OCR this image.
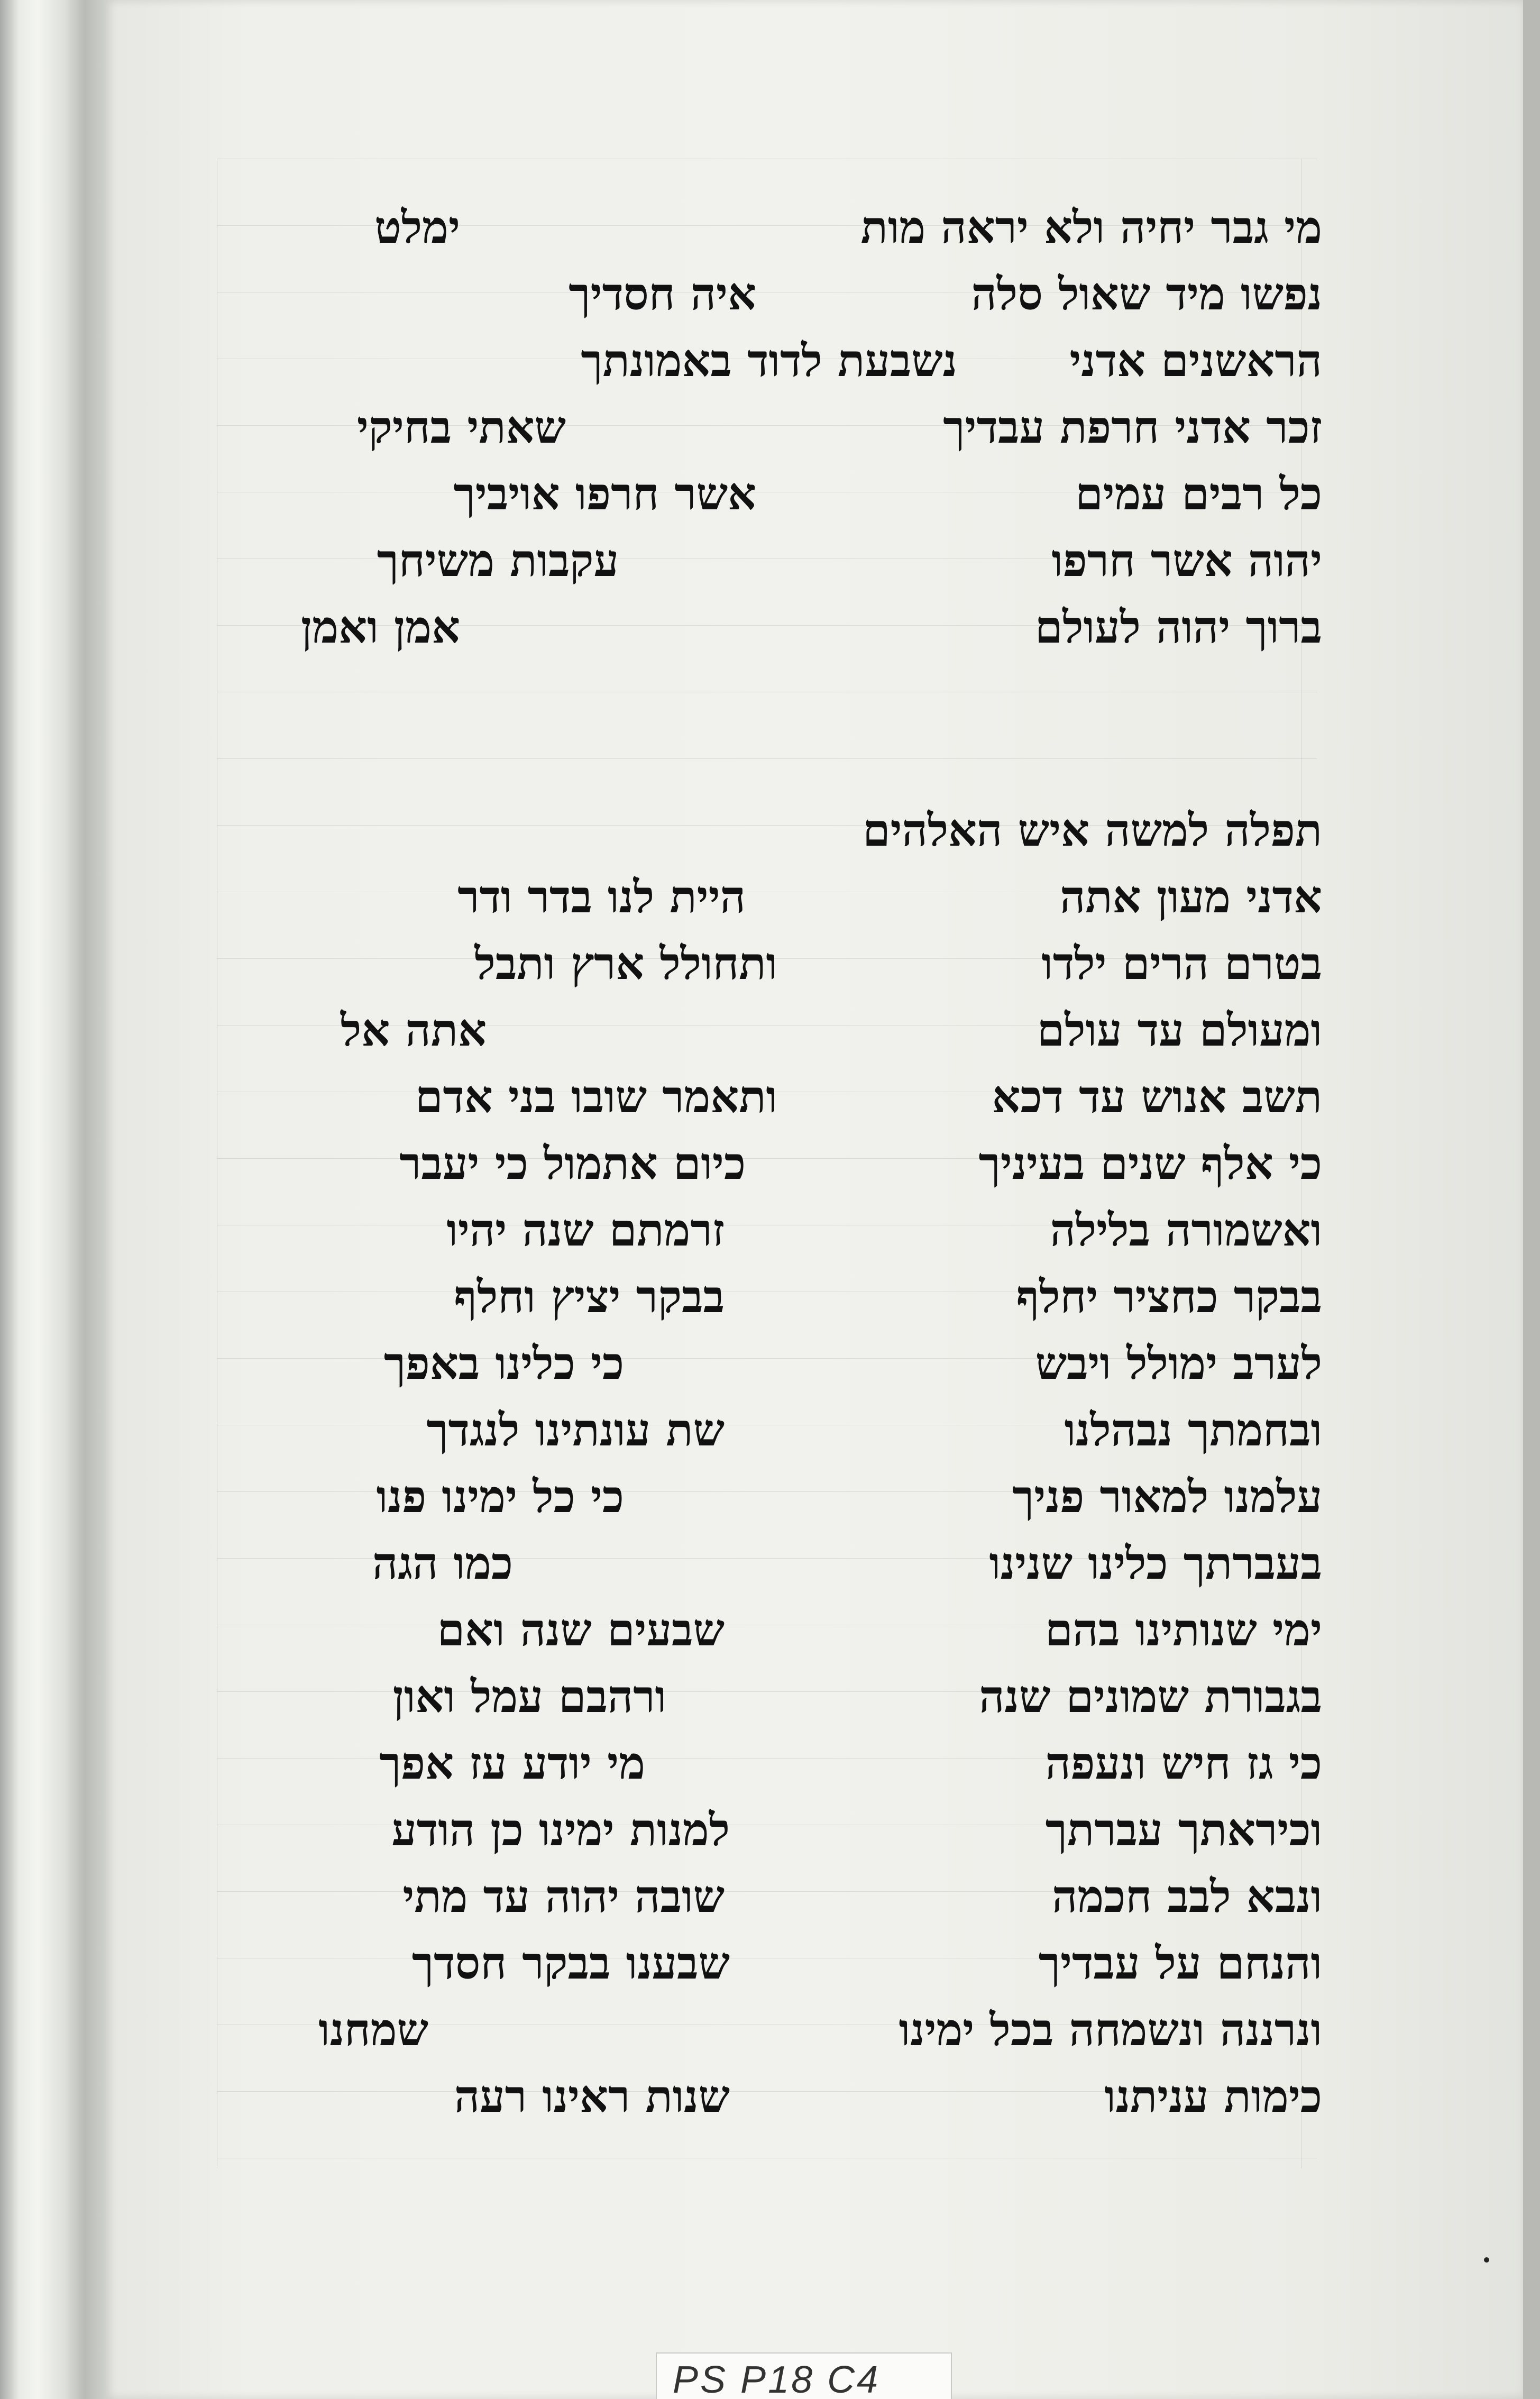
מי גבר יחיה ולא יראה מות
ימלט
נפשו מיד שאול סלה
איה חסדיך
הראשנים אדני
נשבעת לדוד באמונתך
זכר אדני חרפת עבדיך
שאתי בחיקי
כל רבים עמים
אשר חרפו אויביך
יהוה אשר חרפו
עקבות משיחך
ברוך יהוה לעולם
אמן ואמן
תפלה למשה איש האלהים
אדני מעון אתה
היית לנו בדר ודר
בטרם הרים ילדו
ותחולל ארץ ותבל
ומעולם עד עולם
אתה אל
תשב אנוש עד דכא
ותאמר שובו בני אדם
כי אלף שנים בעיניך
כיום אתמול כי יעבר
ואשמורה בלילה
זרמתם שנה יהיו
בבקר כחציר יחלף
בבקר יציץ וחלף
לערב ימולל ויבש
כי כלינו באפך
ובחמתך נבהלנו
שת עונתינו לנגדך
עלמנו למאור פניך
כי כל ימינו פנו
בעברתך כלינו שנינו
כמו הגה
ימי שנותינו בהם
שבעים שנה ואם
בגבורת שמונים שנה
ורהבם עמל ואון
כי גז חיש ונעפה
מי יודע עז אפך
וכיראתך עברתך
למנות ימינו כן הודע
ונבא לבב חכמה
שובה יהוה עד מתי
והנחם על עבדיך
שבענו בבקר חסדך
ונרננה ונשמחה בכל ימינו
שמחנו
כימות עניתנו
שנות ראינו רעה
PS P18 C4
